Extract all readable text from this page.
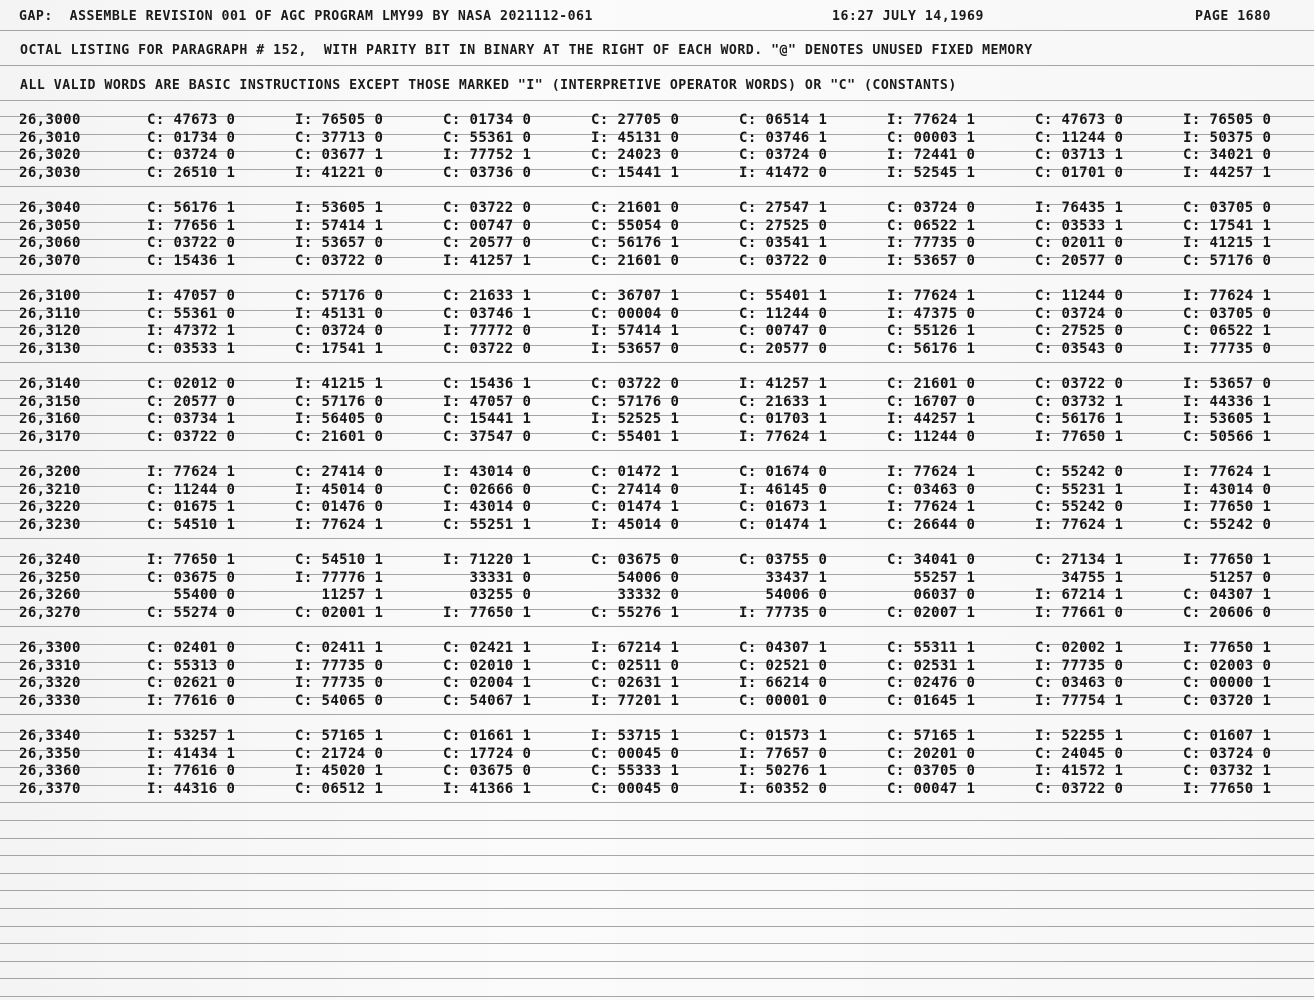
GAP:  ASSEMBLE REVISION 001 OF AGC PROGRAM LMY99 BY NASA 2021112-061

	16:27 JULY 14,1969

	PAGE 1680

OCTAL LISTING FOR PARAGRAPH # 152,  WITH PARITY BIT IN BINARY AT THE RIGHT OF EACH WORD. "@" DENOTES UNUSED FIXED MEMORY
ALL VALID WORDS ARE BASIC INSTRUCTIONS EXCEPT THOSE MARKED "I" (INTERPRETIVE OPERATOR WORDS) OR "C" (CONSTANTS)
26,3000	C: 47673 0	I: 76505 0	C: 01734 0	C: 27705 0	C: 06514 1	I: 77624 1	C: 47673 0	I: 76505 0
26,3010	C: 01734 0	C: 37713 0	C: 55361 0	I: 45131 0	C: 03746 1	C: 00003 1	C: 11244 0	I: 50375 0
26,3020	C: 03724 0	C: 03677 1	I: 77752 1	C: 24023 0	C: 03724 0	I: 72441 0	C: 03713 1	C: 34021 0
26,3030	C: 26510 1	I: 41221 0	C: 03736 0	C: 15441 1	I: 41472 0	I: 52545 1	C: 01701 0	I: 44257 1
26,3040	C: 56176 1	I: 53605 1	C: 03722 0	C: 21601 0	C: 27547 1	C: 03724 0	I: 76435 1	C: 03705 0
26,3050	I: 77656 1	I: 57414 1	C: 00747 0	C: 55054 0	C: 27525 0	C: 06522 1	C: 03533 1	C: 17541 1
26,3060	C: 03722 0	I: 53657 0	C: 20577 0	C: 56176 1	C: 03541 1	I: 77735 0	C: 02011 0	I: 41215 1
26,3070	C: 15436 1	C: 03722 0	I: 41257 1	C: 21601 0	C: 03722 0	I: 53657 0	C: 20577 0	C: 57176 0
26,3100	I: 47057 0	C: 57176 0	C: 21633 1	C: 36707 1	C: 55401 1	I: 77624 1	C: 11244 0	I: 77624 1
26,3110	C: 55361 0	I: 45131 0	C: 03746 1	C: 00004 0	C: 11244 0	I: 47375 0	C: 03724 0	C: 03705 0
26,3120	I: 47372 1	C: 03724 0	I: 77772 0	I: 57414 1	C: 00747 0	C: 55126 1	C: 27525 0	C: 06522 1
26,3130	C: 03533 1	C: 17541 1	C: 03722 0	I: 53657 0	C: 20577 0	C: 56176 1	C: 03543 0	I: 77735 0
26,3140	C: 02012 0	I: 41215 1	C: 15436 1	C: 03722 0	I: 41257 1	C: 21601 0	C: 03722 0	I: 53657 0
26,3150	C: 20577 0	C: 57176 0	I: 47057 0	C: 57176 0	C: 21633 1	C: 16707 0	C: 03732 1	I: 44336 1
26,3160	C: 03734 1	I: 56405 0	C: 15441 1	I: 52525 1	C: 01703 1	I: 44257 1	C: 56176 1	I: 53605 1
26,3170	C: 03722 0	C: 21601 0	C: 37547 0	C: 55401 1	I: 77624 1	C: 11244 0	I: 77650 1	C: 50566 1
26,3200	I: 77624 1	C: 27414 0	I: 43014 0	C: 01472 1	C: 01674 0	I: 77624 1	C: 55242 0	I: 77624 1
26,3210	C: 11244 0	I: 45014 0	C: 02666 0	C: 27414 0	I: 46145 0	C: 03463 0	C: 55231 1	I: 43014 0
26,3220	C: 01675 1	C: 01476 0	I: 43014 0	C: 01474 1	C: 01673 1	I: 77624 1	C: 55242 0	I: 77650 1
26,3230	C: 54510 1	I: 77624 1	C: 55251 1	I: 45014 0	C: 01474 1	C: 26644 0	I: 77624 1	C: 55242 0
26,3240	I: 77650 1	C: 54510 1	I: 71220 1	C: 03675 0	C: 03755 0	C: 34041 0	C: 27134 1	I: 77650 1
26,3250	C: 03675 0	I: 77776 1	33331 0	54006 0	33437 1	55257 1	34755 1	51257 0
26,3260	55400 0	11257 1	03255 0	33332 0	54006 0	06037 0	I: 67214 1	C: 04307 1
26,3270	C: 55274 0	C: 02001 1	I: 77650 1	C: 55276 1	I: 77735 0	C: 02007 1	I: 77661 0	C: 20606 0
26,3300	C: 02401 0	C: 02411 1	C: 02421 1	I: 67214 1	C: 04307 1	C: 55311 1	C: 02002 1	I: 77650 1
26,3310	C: 55313 0	I: 77735 0	C: 02010 1	C: 02511 0	C: 02521 0	C: 02531 1	I: 77735 0	C: 02003 0
26,3320	C: 02621 0	I: 77735 0	C: 02004 1	C: 02631 1	I: 66214 0	C: 02476 0	C: 03463 0	C: 00000 1
26,3330	I: 77616 0	C: 54065 0	C: 54067 1	I: 77201 1	C: 00001 0	C: 01645 1	I: 77754 1	C: 03720 1
26,3340	I: 53257 1	C: 57165 1	C: 01661 1	I: 53715 1	C: 01573 1	C: 57165 1	I: 52255 1	C: 01607 1
26,3350	I: 41434 1	C: 21724 0	C: 17724 0	C: 00045 0	I: 77657 0	C: 20201 0	C: 24045 0	C: 03724 0
26,3360	I: 77616 0	I: 45020 1	C: 03675 0	C: 55333 1	I: 50276 1	C: 03705 0	I: 41572 1	C: 03732 1
26,3370	I: 44316 0	C: 06512 1	I: 41366 1	C: 00045 0	I: 60352 0	C: 00047 1	C: 03722 0	I: 77650 1
